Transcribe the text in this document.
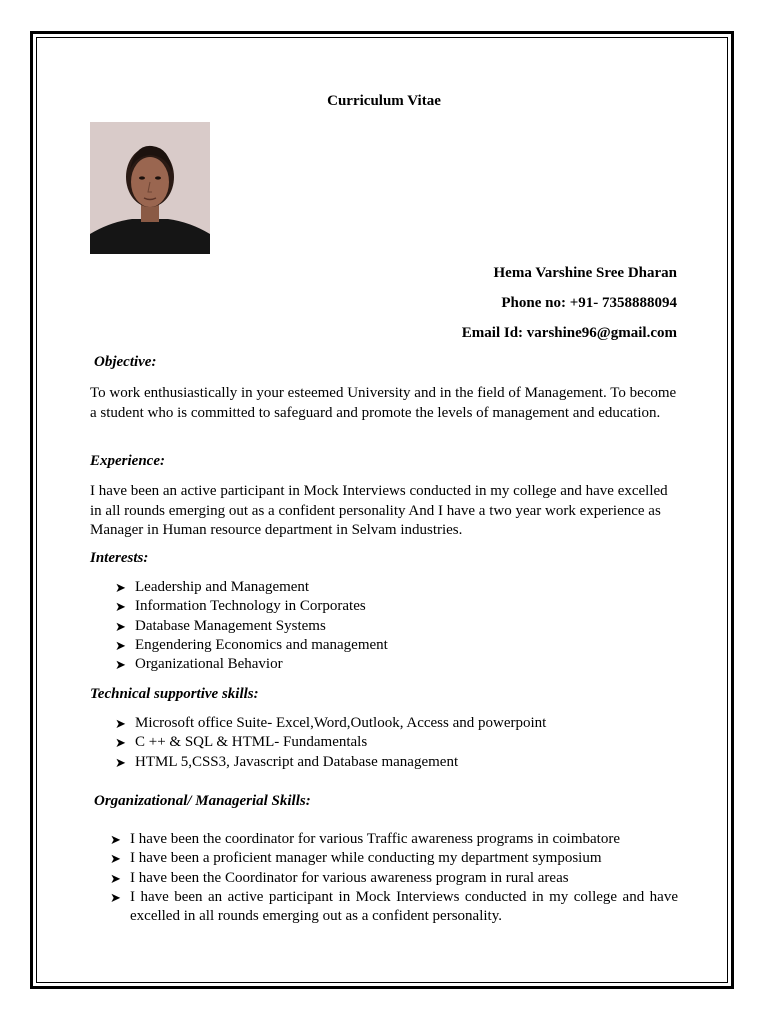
Curriculum Vitae
Hema Varshine Sree Dharan
Phone no: +91- 7358888094
Email Id: varshine96@gmail.com
Objective:

To work enthusiastically in your esteemed University and in the field of Management. To become a student who is committed to safeguard and promote the levels of management and education.

Experience:

I have been an active participant in Mock Interviews conducted in my college and have excelled in all rounds emerging out as a confident personality And I have a two year work experience as Manager in Human resource department in Selvam industries.

Interests:
➤ Leadership and Management
➤ Information Technology in Corporates
➤ Database Management Systems
➤ Engendering Economics and management
➤ Organizational Behavior
Technical supportive skills:
➤ Microsoft office Suite- Excel,Word,Outlook, Access and powerpoint
➤ C ++ & SQL & HTML- Fundamentals
➤ HTML 5,CSS3, Javascript and Database management
Organizational/ Managerial Skills:
➤ I have been the coordinator for various Traffic awareness programs in coimbatore
➤ I have been a proficient manager while conducting my department symposium
➤ I have been the Coordinator for various awareness program in rural areas
➤ I have been an active participant in Mock Interviews conducted in my college and have excelled in all rounds emerging out as a confident personality.
